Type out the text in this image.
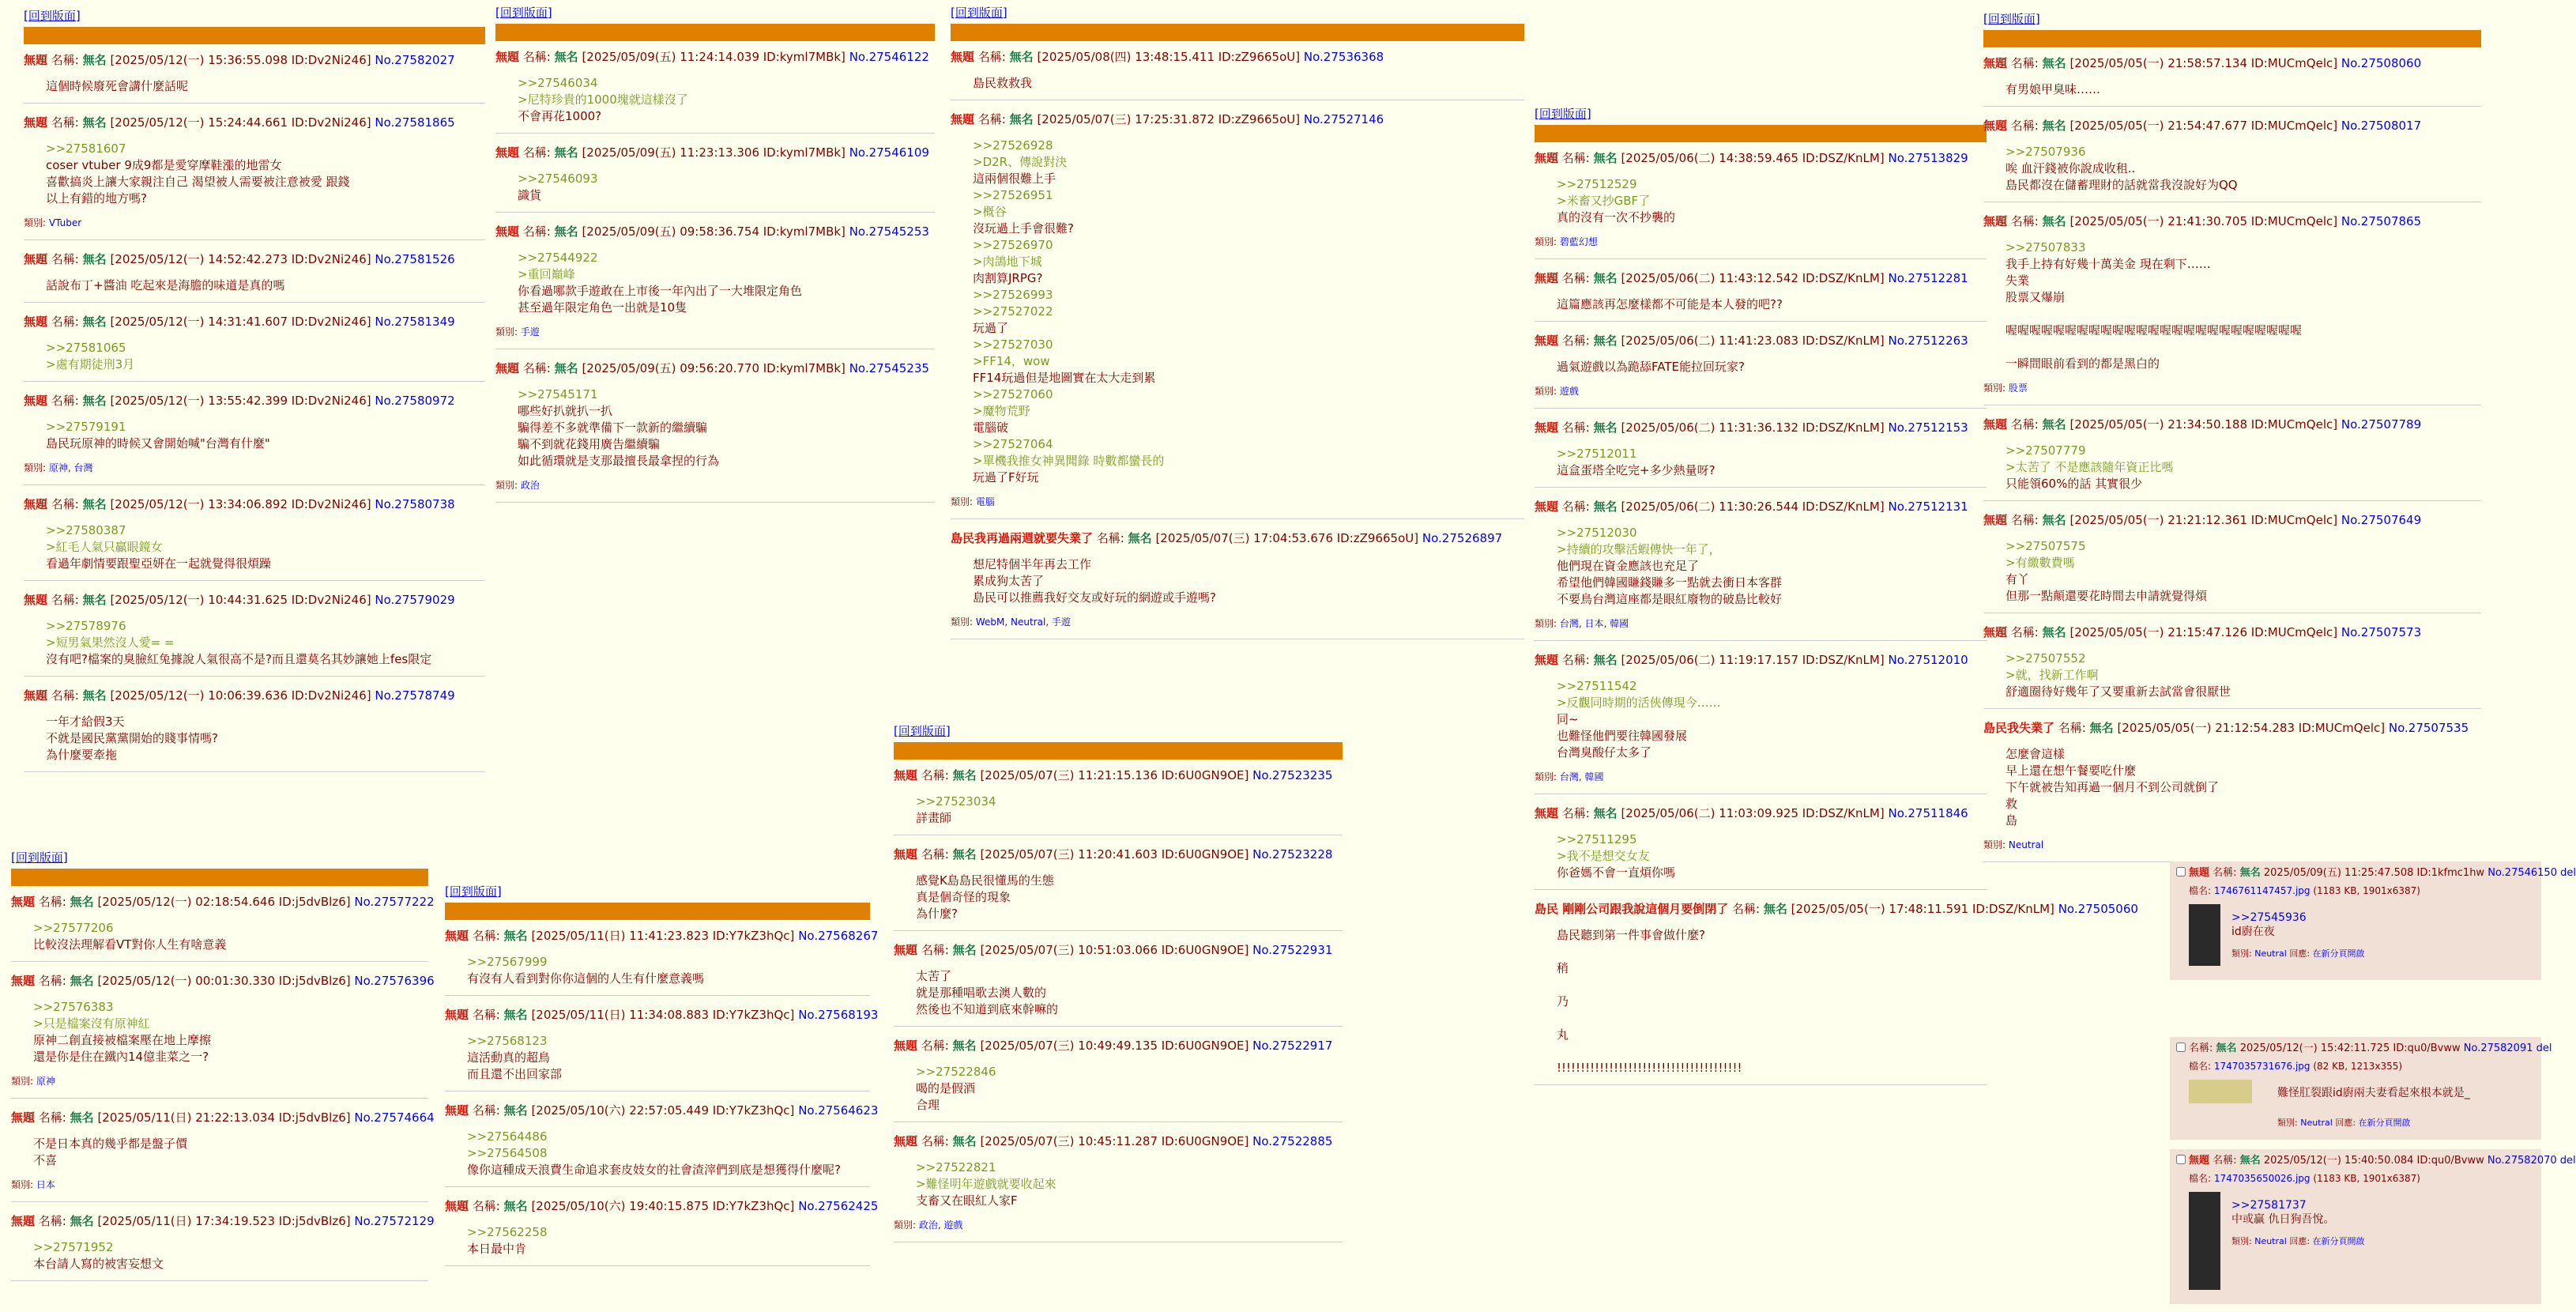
[回到版面]
無題 名稱: 無名 [2025/05/12(一) 15:36:55.098 ID:Dv2Ni246] No.27582027
這個時候廢死會講什麼話呢
無題 名稱: 無名 [2025/05/12(一) 15:24:44.661 ID:Dv2Ni246] No.27581865
>>27581607
coser vtuber 9成9都是愛穿摩鞋漲的地雷女
喜歡搞炎上讓大家親注自己 渴望被人需要被注意被愛 跟錢
以上有錯的地方嗎?
類別: VTuber
無題 名稱: 無名 [2025/05/12(一) 14:52:42.273 ID:Dv2Ni246] No.27581526
話說布丁+醬油 吃起來是海膽的味道是真的嗎
無題 名稱: 無名 [2025/05/12(一) 14:31:41.607 ID:Dv2Ni246] No.27581349
>>27581065
>處有期徒刑3月
無題 名稱: 無名 [2025/05/12(一) 13:55:42.399 ID:Dv2Ni246] No.27580972
>>27579191
島民玩原神的時候又會開始喊"台灣有什麼"
類別: 原神, 台灣
無題 名稱: 無名 [2025/05/12(一) 13:34:06.892 ID:Dv2Ni246] No.27580738
>>27580387
>紅毛人氣只贏眼鏡女
看過年劇情要跟聖亞妍在一起就覺得很煩躁
無題 名稱: 無名 [2025/05/12(一) 10:44:31.625 ID:Dv2Ni246] No.27579029
>>27578976
>短男氣果然沒人愛= =
沒有吧?檔案的臭臉紅兔據說人氣很高不是?而且還莫名其妙讓她上fes限定
無題 名稱: 無名 [2025/05/12(一) 10:06:39.636 ID:Dv2Ni246] No.27578749
一年才給假3天
不就是國民黨黨開始的賤事情嗎?
為什麼要牽拖
[回到版面]
無題 名稱: 無名 [2025/05/12(一) 02:18:54.646 ID:j5dvBlz6] No.27577222
>>27577206
比較沒法理解看VT對你人生有啥意義
無題 名稱: 無名 [2025/05/12(一) 00:01:30.330 ID:j5dvBlz6] No.27576396
>>27576383
>只是檔案沒有原神紅
原神二創直接被檔案壓在地上摩擦
還是你是住在鐵內14億韭菜之一?
類別: 原神
無題 名稱: 無名 [2025/05/11(日) 21:22:13.034 ID:j5dvBlz6] No.27574664
不是日本真的幾乎都是盤子價
不喜
類別: 日本
無題 名稱: 無名 [2025/05/11(日) 17:34:19.523 ID:j5dvBlz6] No.27572129
>>27571952
本台請人寫的被害妄想文
[回到版面]
無題 名稱: 無名 [2025/05/09(五) 11:24:14.039 ID:kyml7MBk] No.27546122
>>27546034
>尼特珍貴的1000塊就這樣沒了
不會再花1000?
無題 名稱: 無名 [2025/05/09(五) 11:23:13.306 ID:kyml7MBk] No.27546109
>>27546093
識貨
無題 名稱: 無名 [2025/05/09(五) 09:58:36.754 ID:kyml7MBk] No.27545253
>>27544922
>重回巔峰
你看過哪款手遊敢在上市後一年內出了一大堆限定角色
甚至過年限定角色一出就是10隻
類別: 手遊
無題 名稱: 無名 [2025/05/09(五) 09:56:20.770 ID:kyml7MBk] No.27545235
>>27545171
哪些好扒就扒一扒
騙得差不多就準備下一款新的繼續騙
騙不到就花錢用廣告繼續騙
如此循環就是支那最擅長最拿捏的行為
類別: 政治
[回到版面]
無題 名稱: 無名 [2025/05/11(日) 11:41:23.823 ID:Y7kZ3hQc] No.27568267
>>27567999
有沒有人看到對你你這個的人生有什麼意義嗎
無題 名稱: 無名 [2025/05/11(日) 11:34:08.883 ID:Y7kZ3hQc] No.27568193
>>27568123
這活動真的超鳥
而且還不出回家部
無題 名稱: 無名 [2025/05/10(六) 22:57:05.449 ID:Y7kZ3hQc] No.27564623
>>27564486
>>27564508
像你這種成天浪費生命追求套皮妓女的社會渣滓們到底是想獲得什麼呢?
無題 名稱: 無名 [2025/05/10(六) 19:40:15.875 ID:Y7kZ3hQc] No.27562425
>>27562258
本日最中肯
[回到版面]
無題 名稱: 無名 [2025/05/08(四) 13:48:15.411 ID:zZ9665oU] No.27536368
島民救救我
無題 名稱: 無名 [2025/05/07(三) 17:25:31.872 ID:zZ9665oU] No.27527146
>>27526928
>D2R、傳說對決
這兩個很難上手
>>27526951
>概谷
沒玩過上手會很難?
>>27526970
>肉鴿地下城
肉割算JRPG?
>>27526993
>>27527022
玩過了
>>27527030
>FF14，wow
FF14玩過但是地圖實在太大走到累
>>27527060
>魔物荒野
電腦破
>>27527064
>單機我推女神異聞錄 時數都蠻長的
玩過了F好玩
類別: 電腦
島民我再過兩週就要失業了 名稱: 無名 [2025/05/07(三) 17:04:53.676 ID:zZ9665oU] No.27526897
想尼特個半年再去工作
累成狗太苦了
島民可以推薦我好交友或好玩的網遊或手遊嗎?
類別: WebM, Neutral, 手遊
[回到版面]
無題 名稱: 無名 [2025/05/07(三) 11:21:15.136 ID:6U0GN9OE] No.27523235
>>27523034
詳畫師
無題 名稱: 無名 [2025/05/07(三) 11:20:41.603 ID:6U0GN9OE] No.27523228
感覺K島島民很懂馬的生態
真是個奇怪的現象
為什麼?
無題 名稱: 無名 [2025/05/07(三) 10:51:03.066 ID:6U0GN9OE] No.27522931
太苦了
就是那種唱歌去澳人數的
然後也不知道到底來幹嘛的
無題 名稱: 無名 [2025/05/07(三) 10:49:49.135 ID:6U0GN9OE] No.27522917
>>27522846
喝的是假酒
合理
無題 名稱: 無名 [2025/05/07(三) 10:45:11.287 ID:6U0GN9OE] No.27522885
>>27522821
>難怪明年遊戲就要收起來
支畜又在眼紅人家F
類別: 政治, 遊戲
[回到版面]
無題 名稱: 無名 [2025/05/06(二) 14:38:59.465 ID:DSZ/KnLM] No.27513829
>>27512529
>米畜又抄GBF了
真的沒有一次不抄襲的
類別: 碧藍幻想
無題 名稱: 無名 [2025/05/06(二) 11:43:12.542 ID:DSZ/KnLM] No.27512281
這篇應該再怎麼樣都不可能是本人發的吧??
無題 名稱: 無名 [2025/05/06(二) 11:41:23.083 ID:DSZ/KnLM] No.27512263
過氣遊戲以為跪舔FATE能拉回玩家?
類別: 遊戲
無題 名稱: 無名 [2025/05/06(二) 11:31:36.132 ID:DSZ/KnLM] No.27512153
>>27512011
這盒蛋塔全吃完+多少熱量呀?
無題 名稱: 無名 [2025/05/06(二) 11:30:26.544 ID:DSZ/KnLM] No.27512131
>>27512030
>持續的攻擊活蝦傳快一年了，
他們現在資金應該也充足了
希望他們韓國賺錢賺多一點就去衝日本客群
不要鳥台灣這座都是眼紅廢物的破島比較好
類別: 台灣, 日本, 韓國
無題 名稱: 無名 [2025/05/06(二) 11:19:17.157 ID:DSZ/KnLM] No.27512010
>>27511542
>反觀同時期的活俠傳現今……
同~
也難怪他們要往韓國發展
台灣臭酸仔太多了
類別: 台灣, 韓國
無題 名稱: 無名 [2025/05/06(二) 11:03:09.925 ID:DSZ/KnLM] No.27511846
>>27511295
>我不是想交女友
你爸媽不會一直煩你嗎
島民 剛剛公司跟我說這個月要倒閉了 名稱: 無名 [2025/05/05(一) 17:48:11.591 ID:DSZ/KnLM] No.27505060
島民聽到第一件事會做什麼?

稍

乃

丸

!!!!!!!!!!!!!!!!!!!!!!!!!!!!!!!!!!!!!!!
[回到版面]
無題 名稱: 無名 [2025/05/05(一) 21:58:57.134 ID:MUCmQelc] No.27508060
有男娘甲臭味……
無題 名稱: 無名 [2025/05/05(一) 21:54:47.677 ID:MUCmQelc] No.27508017
>>27507936
唉 血汗錢被你說成收租..
島民都沒在儲蓄理財的話就當我沒說好为QQ
無題 名稱: 無名 [2025/05/05(一) 21:41:30.705 ID:MUCmQelc] No.27507865
>>27507833
我手上持有好幾十萬美金 現在剩下……
失業
股票又爆崩

喔喔喔喔喔喔喔喔喔喔喔喔喔喔喔喔喔喔喔喔喔喔喔喔喔

一瞬間眼前看到的都是黑白的
類別: 股票
無題 名稱: 無名 [2025/05/05(一) 21:34:50.188 ID:MUCmQelc] No.27507789
>>27507779
>太苦了 不是應該隨年資正比嗎
只能領60%的話 其實很少
無題 名稱: 無名 [2025/05/05(一) 21:21:12.361 ID:MUCmQelc] No.27507649
>>27507575
>有繳數費嗎
有丫
但那一點顛還要花時間去申請就覺得煩
無題 名稱: 無名 [2025/05/05(一) 21:15:47.126 ID:MUCmQelc] No.27507573
>>27507552
>就，找新工作啊
舒適圈待好幾年了又要重新去試當會很厭世
島民我失業了 名稱: 無名 [2025/05/05(一) 21:12:54.283 ID:MUCmQelc] No.27507535
怎麼會這樣
早上還在想午餐要吃什麼
下午就被告知再過一個月不到公司就倒了
救
島
類別: Neutral
無題 名稱: 無名 2025/05/09(五) 11:25:47.508 ID:1kfmc1hw No.27546150 del
檔名: 1746761147457.jpg (1183 KB, 1901x6387)
>>27545936
id廚在夜
類別: Neutral 回應: 在新分頁開啟
名稱: 無名 2025/05/12(一) 15:42:11.725 ID:qu0/Bvww No.27582091 del
檔名: 1747035731676.jpg (82 KB, 1213x355)
難怪肛裂跟id廚兩夫妻看起來根本就是_
類別: Neutral 回應: 在新分頁開啟
無題 名稱: 無名 2025/05/12(一) 15:40:50.084 ID:qu0/Bvww No.27582070 del
檔名: 1747035650026.jpg (1183 KB, 1901x6387)
>>27581737
中或贏 仇日狗吾悅。
類別: Neutral 回應: 在新分頁開啟
